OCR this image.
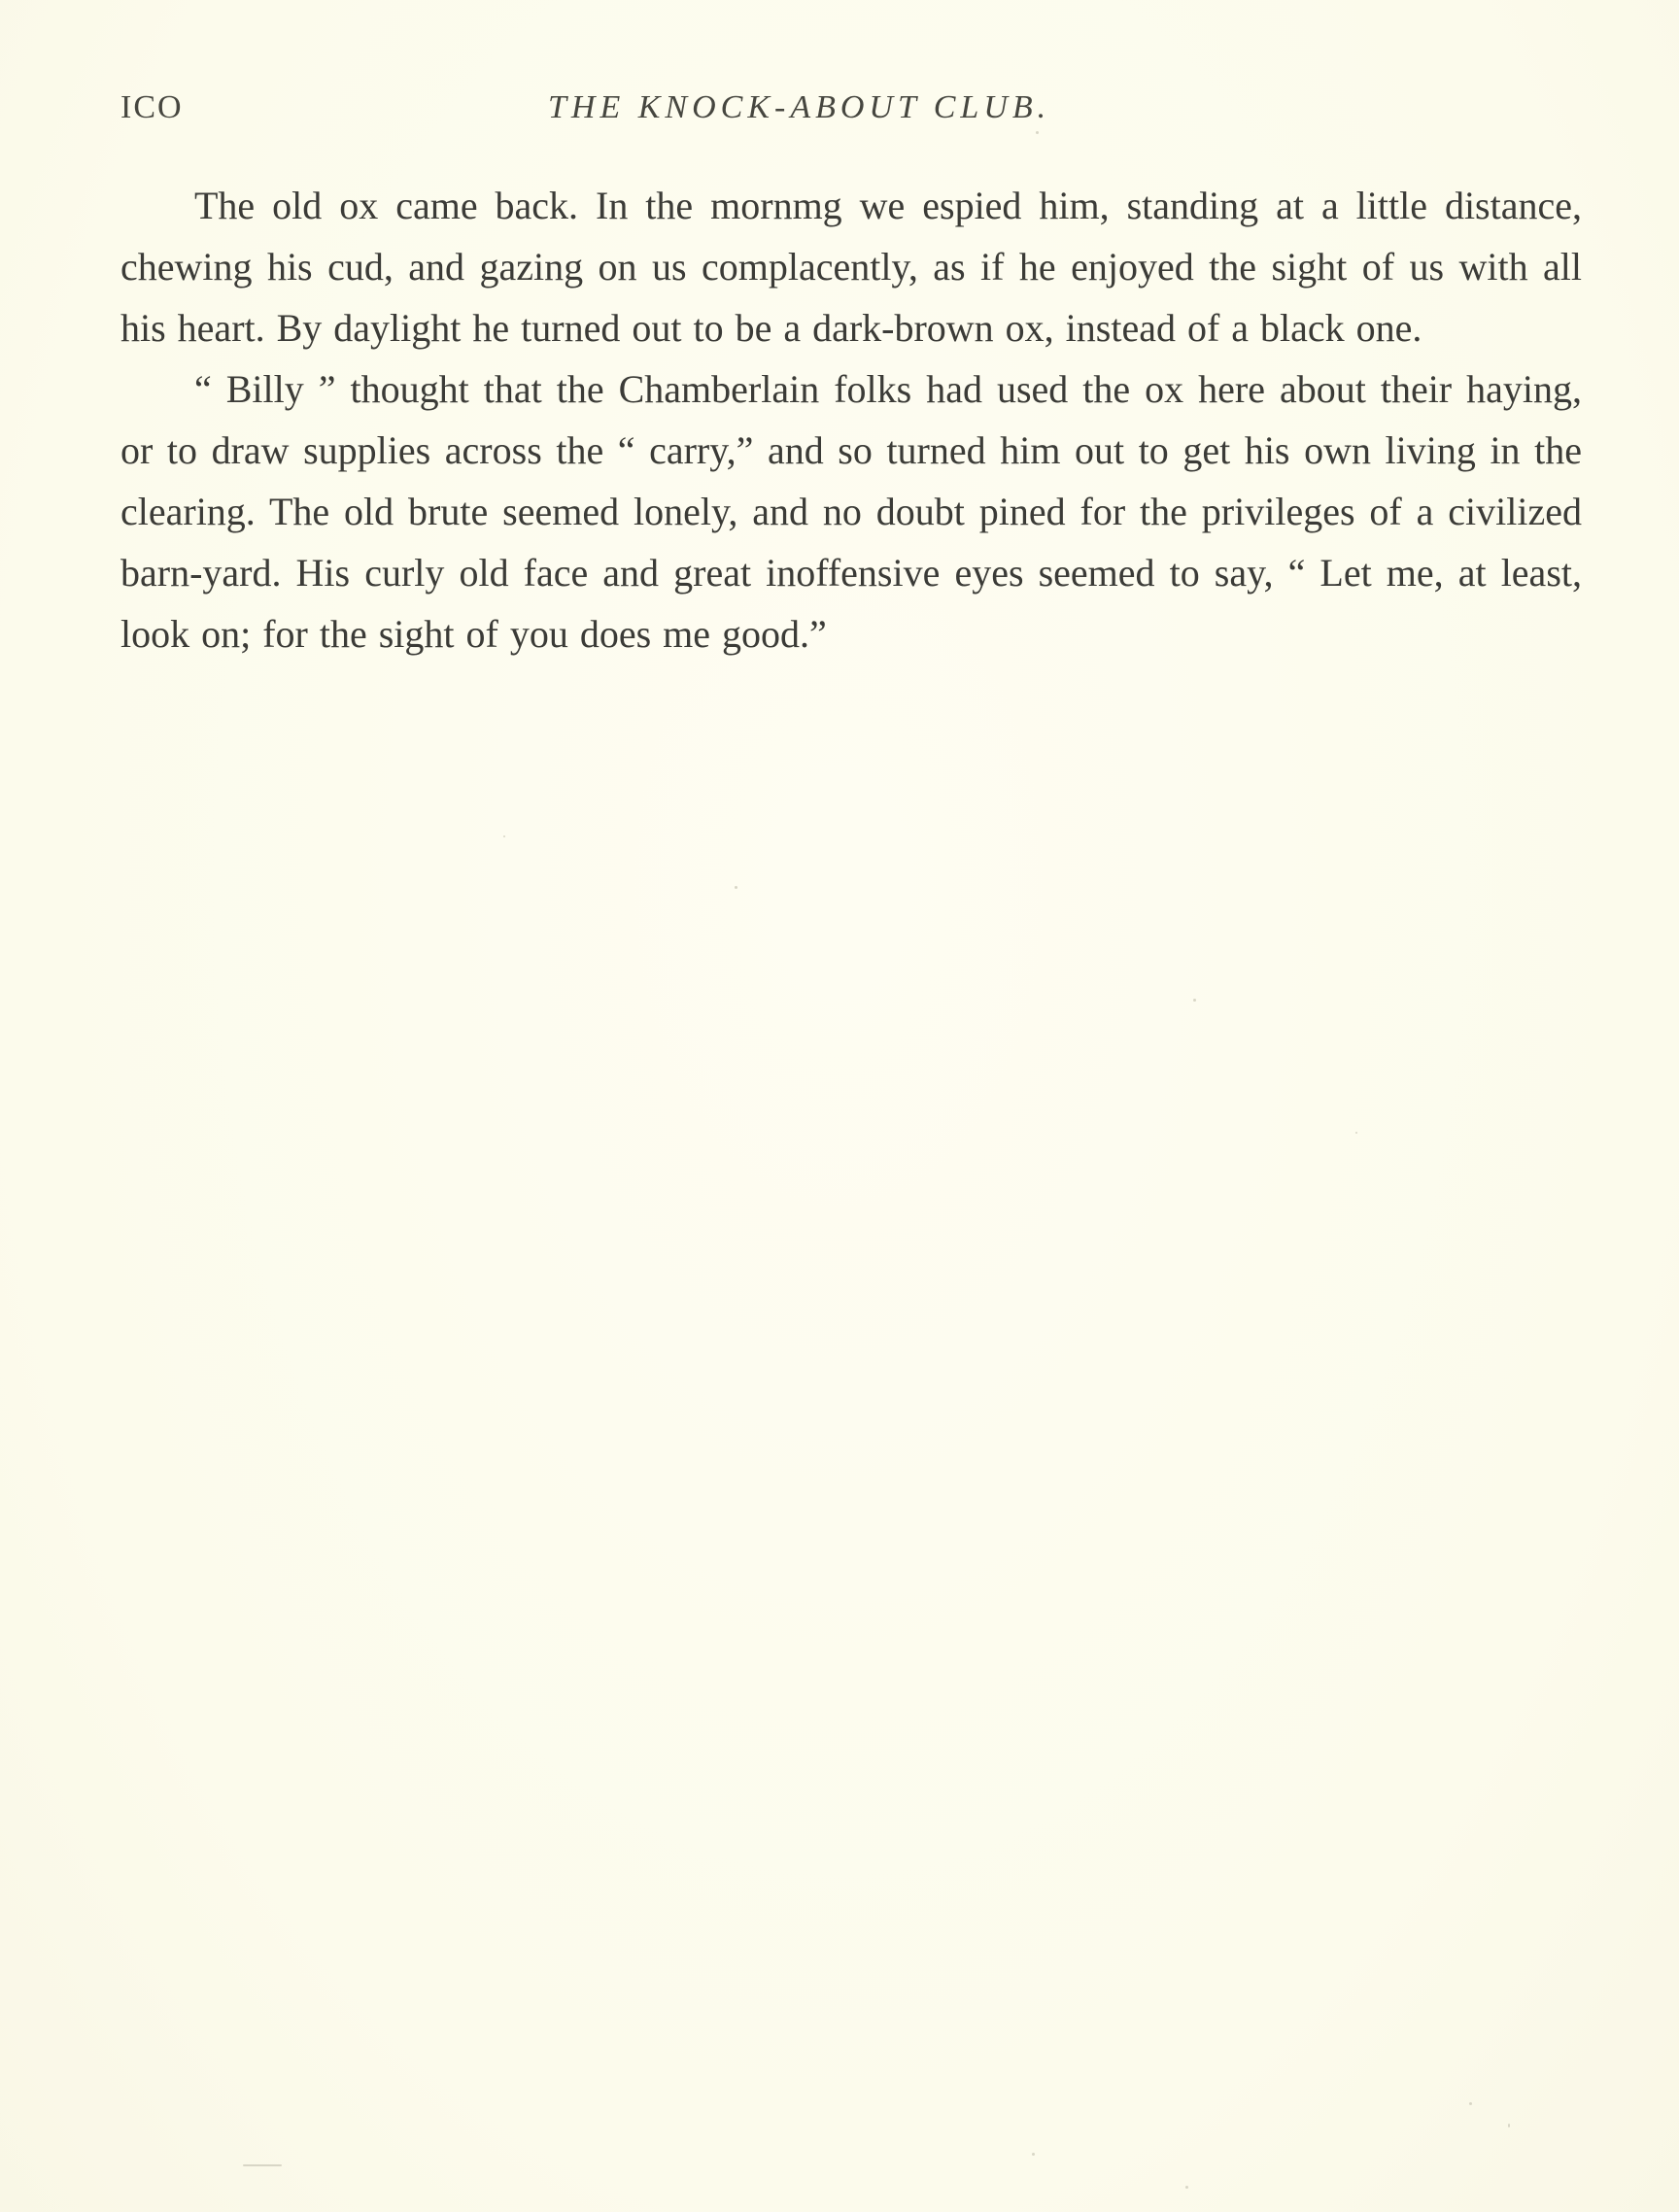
ICO	THE KNOCK-ABOUT CLUB.

The old ox came back. In the mornmg we espied him, standing at a little distance, chewing his cud, and gazing on us complacently, as if he enjoyed the sight of us with all his heart. By daylight he turned out to be a dark-brown ox, instead of a black one.

“ Billy ” thought that the Chamberlain folks had used the ox here about their haying, or to draw supplies across the “ carry,” and so turned him out to get his own living in the clearing. The old brute seemed lonely, and no doubt pined for the privileges of a civilized barn-yard. His curly old face and great inoffensive eyes seemed to say, “ Let me, at least, look on; for the sight of you does me good.”
